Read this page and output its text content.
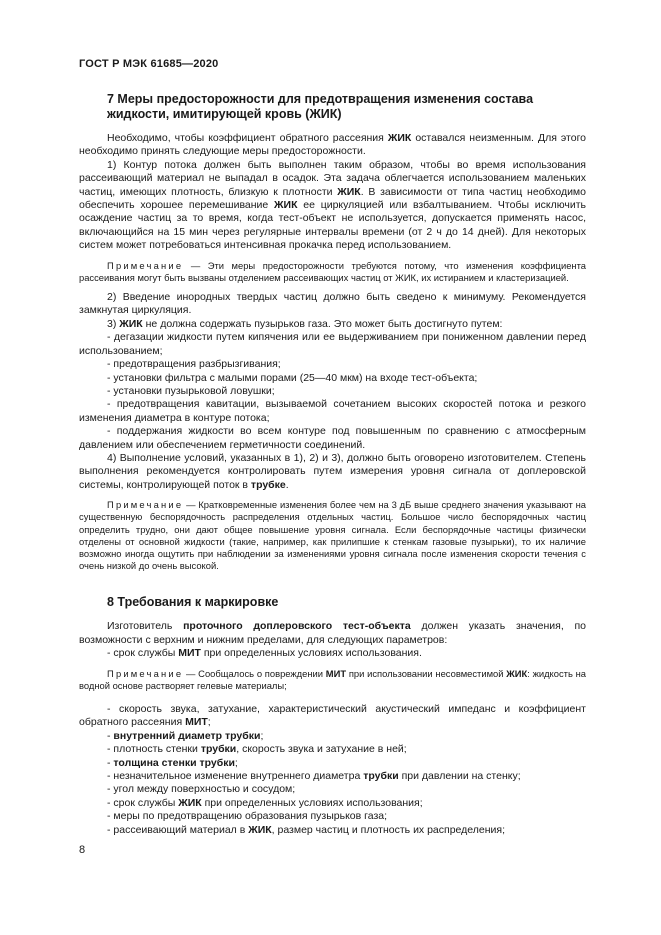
ГОСТ Р МЭК 61685—2020
7 Меры предосторожности для предотвращения изменения состава
жидкости, имитирующей кровь (ЖИК)

Необходимо, чтобы коэффициент обратного рассеяния ЖИК оставался неизменным. Для этого необходимо принять следующие меры предосторожности.

1) Контур потока должен быть выполнен таким образом, чтобы во время использования рассеивающий материал не выпадал в осадок. Эта задача облегчается использованием маленьких частиц, имеющих плотность, близкую к плотности ЖИК. В зависимости от типа частиц необходимо обеспечить хорошее перемешивание ЖИК ее циркуляцией или взбалтыванием. Чтобы исключить осаждение частиц за то время, когда тест-объект не используется, допускается применять насос, включающийся на 15 мин через регулярные интервалы времени (от 2 ч до 14 дней). Для некоторых систем может потребоваться интенсивная прокачка перед использованием.

Примечание — Эти меры предосторожности требуются потому, что изменения коэффициента рассеивания могут быть вызваны отделением рассеивающих частиц от ЖИК, их истиранием и кластеризацией.

2) Введение инородных твердых частиц должно быть сведено к минимуму. Рекомендуется замкнутая циркуляция.

3) ЖИК не должна содержать пузырьков газа. Это может быть достигнуто путем:

- дегазации жидкости путем кипячения или ее выдерживанием при пониженном давлении перед использованием;

- предотвращения разбрызгивания;

- установки фильтра с малыми порами (25—40 мкм) на входе тест-объекта;

- установки пузырьковой ловушки;

- предотвращения кавитации, вызываемой сочетанием высоких скоростей потока и резкого изменения диаметра в контуре потока;

- поддержания жидкости во всем контуре под повышенным по сравнению с атмосферным давлением или обеспечением герметичности соединений.

4) Выполнение условий, указанных в 1), 2) и 3), должно быть оговорено изготовителем. Степень выполнения рекомендуется контролировать путем измерения уровня сигнала от доплеровской системы, контролирующей поток в трубке.

Примечание — Кратковременные изменения более чем на 3 дБ выше среднего значения указывают на существенную беспорядочность распределения отдельных частиц. Большое число беспорядочных частиц определить трудно, они дают общее повышение уровня сигнала. Если беспорядочные частицы физически отделены от основной жидкости (такие, например, как прилипшие к стенкам газовые пузырьки), то их наличие возможно иногда ощутить при наблюдении за изменениями уровня сигнала после изменения скорости течения с очень низкой до очень высокой.

8 Требования к маркировке

Изготовитель проточного доплеровского тест-объекта должен указать значения, по возможности с верхним и нижним пределами, для следующих параметров:

- срок службы МИТ при определенных условиях использования.

Примечание — Сообщалось о повреждении МИТ при использовании несовместимой ЖИК: жидкость на водной основе растворяет гелевые материалы;

- скорость звука, затухание, характеристический акустический импеданс и коэффициент обратного рассеяния МИТ;

- внутренний диаметр трубки;

- плотность стенки трубки, скорость звука и затухание в ней;

- толщина стенки трубки;

- незначительное изменение внутреннего диаметра трубки при давлении на стенку;

- угол между поверхностью и сосудом;

- срок службы ЖИК при определенных условиях использования;

- меры по предотвращению образования пузырьков газа;

- рассеивающий материал в ЖИК, размер частиц и плотность их распределения;

8
